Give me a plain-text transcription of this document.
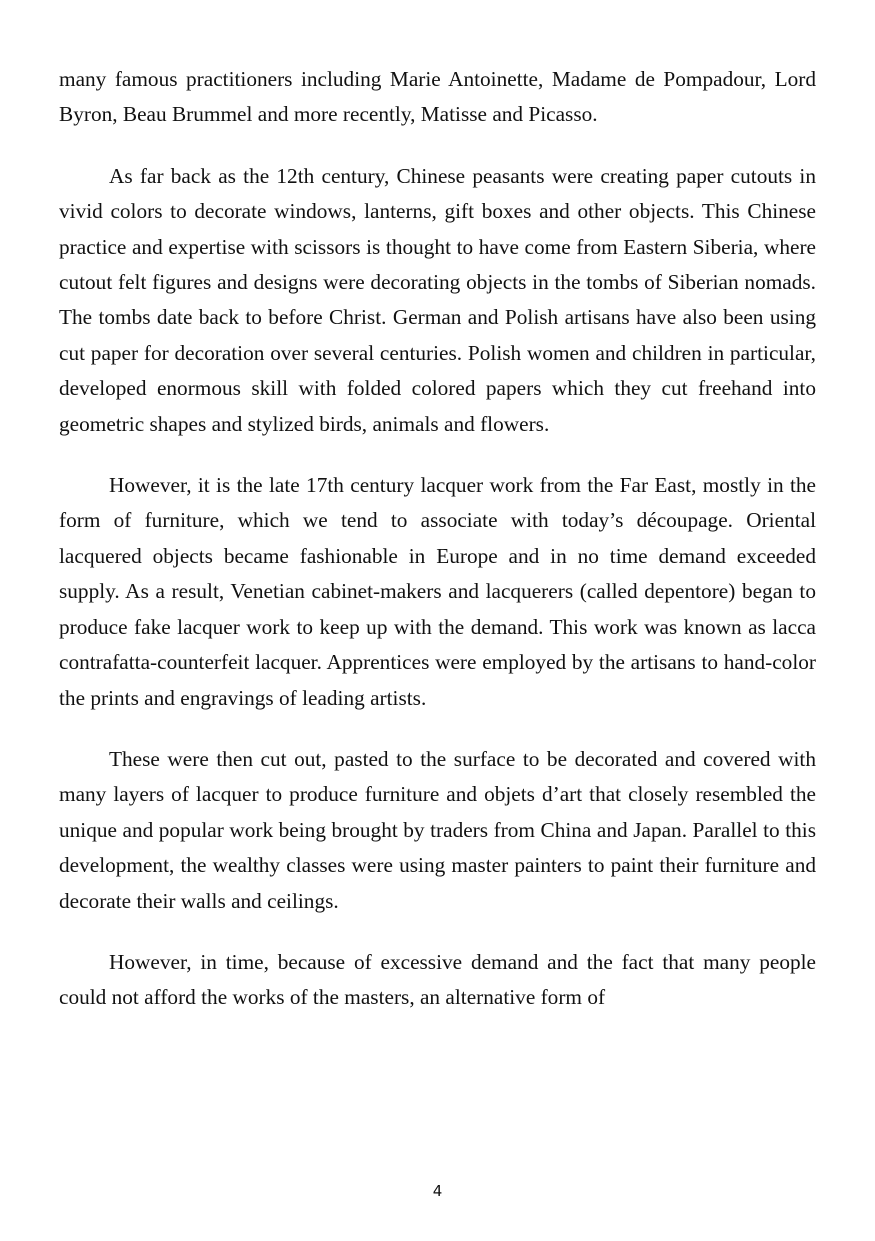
many famous practitioners including Marie Antoinette, Madame de Pompadour, Lord Byron, Beau Brummel and more recently, Matisse and Picasso.

As far back as the 12th century, Chinese peasants were creating paper cutouts in vivid colors to decorate windows, lanterns, gift boxes and other objects. This Chinese practice and expertise with scissors is thought to have come from Eastern Siberia, where cutout felt figures and designs were decorating objects in the tombs of Siberian nomads. The tombs date back to before Christ. German and Polish artisans have also been using cut paper for decoration over several centuries. Polish women and children in particular, developed enormous skill with folded colored papers which they cut freehand into geometric shapes and stylized birds, animals and flowers.

However, it is the late 17th century lacquer work from the Far East, mostly in the form of furniture, which we tend to associate with today’s découpage. Oriental lacquered objects became fashionable in Europe and in no time demand exceeded supply. As a result, Venetian cabinet-makers and lacquerers (called depentore) began to produce fake lacquer work to keep up with the demand. This work was known as lacca contrafatta-counterfeit lacquer. Apprentices were employed by the artisans to hand-color the prints and engravings of leading artists.

These were then cut out, pasted to the surface to be decorated and covered with many layers of lacquer to produce furniture and objets d’art that closely resembled the unique and popular work being brought by traders from China and Japan. Parallel to this development, the wealthy classes were using master painters to paint their furniture and decorate their walls and ceilings.

However, in time, because of excessive demand and the fact that many people could not afford the works of the masters, an alternative form of

4
